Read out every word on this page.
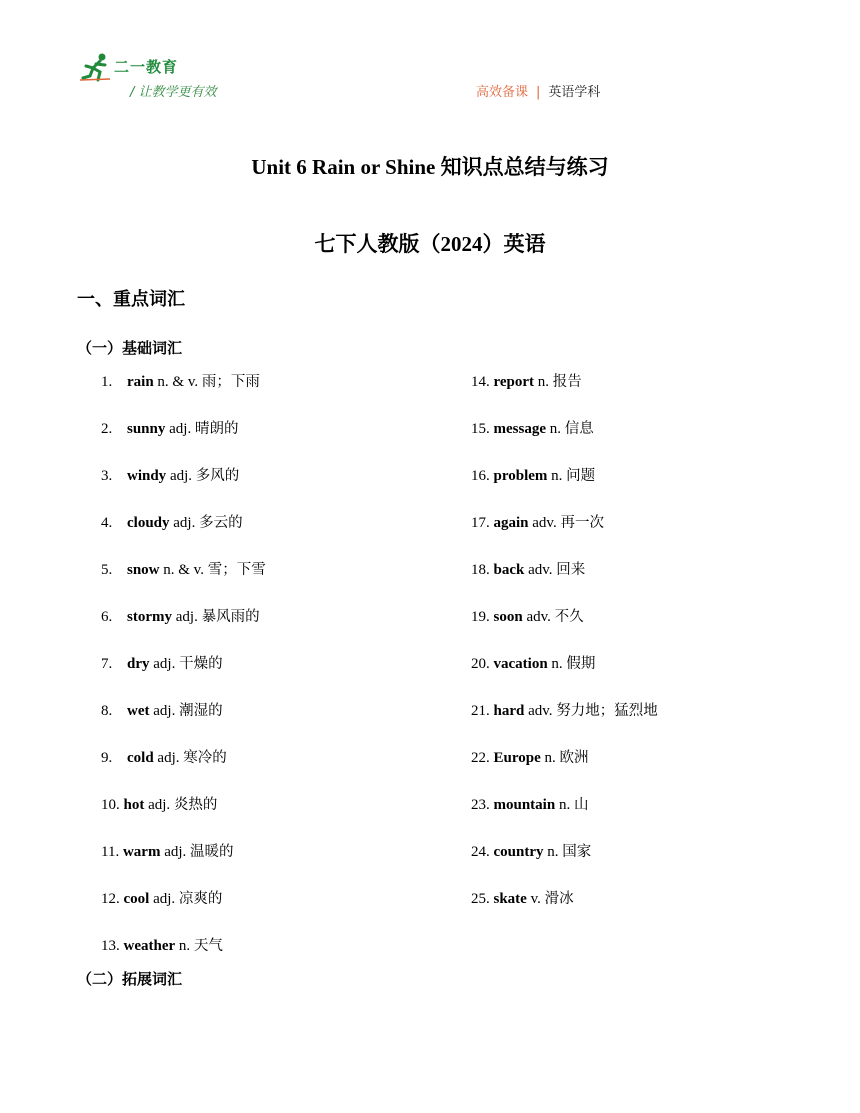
二一教育
/ 让教学更有效	高效备课 | 英语学科
Unit 6 Rain or Shine 知识点总结与练习
七下人教版（2024）英语
一、重点词汇
（一）基础词汇
1. rain n. & v. 雨；下雨
2. sunny adj. 晴朗的
3. windy adj. 多风的
4. cloudy adj. 多云的
5. snow n. & v. 雪；下雪
6. stormy adj. 暴风雨的
7. dry adj. 干燥的
8. wet adj. 潮湿的
9. cold adj. 寒冷的
10. hot adj. 炎热的
11. warm adj. 温暖的
12. cool adj. 凉爽的
13. weather n. 天气
14. report n. 报告
15. message n. 信息
16. problem n. 问题
17. again adv. 再一次
18. back adv. 回来
19. soon adv. 不久
20. vacation n. 假期
21. hard adv. 努力地；猛烈地
22. Europe n. 欧洲
23. mountain n. 山
24. country n. 国家
25. skate v. 滑冰
（二）拓展词汇
